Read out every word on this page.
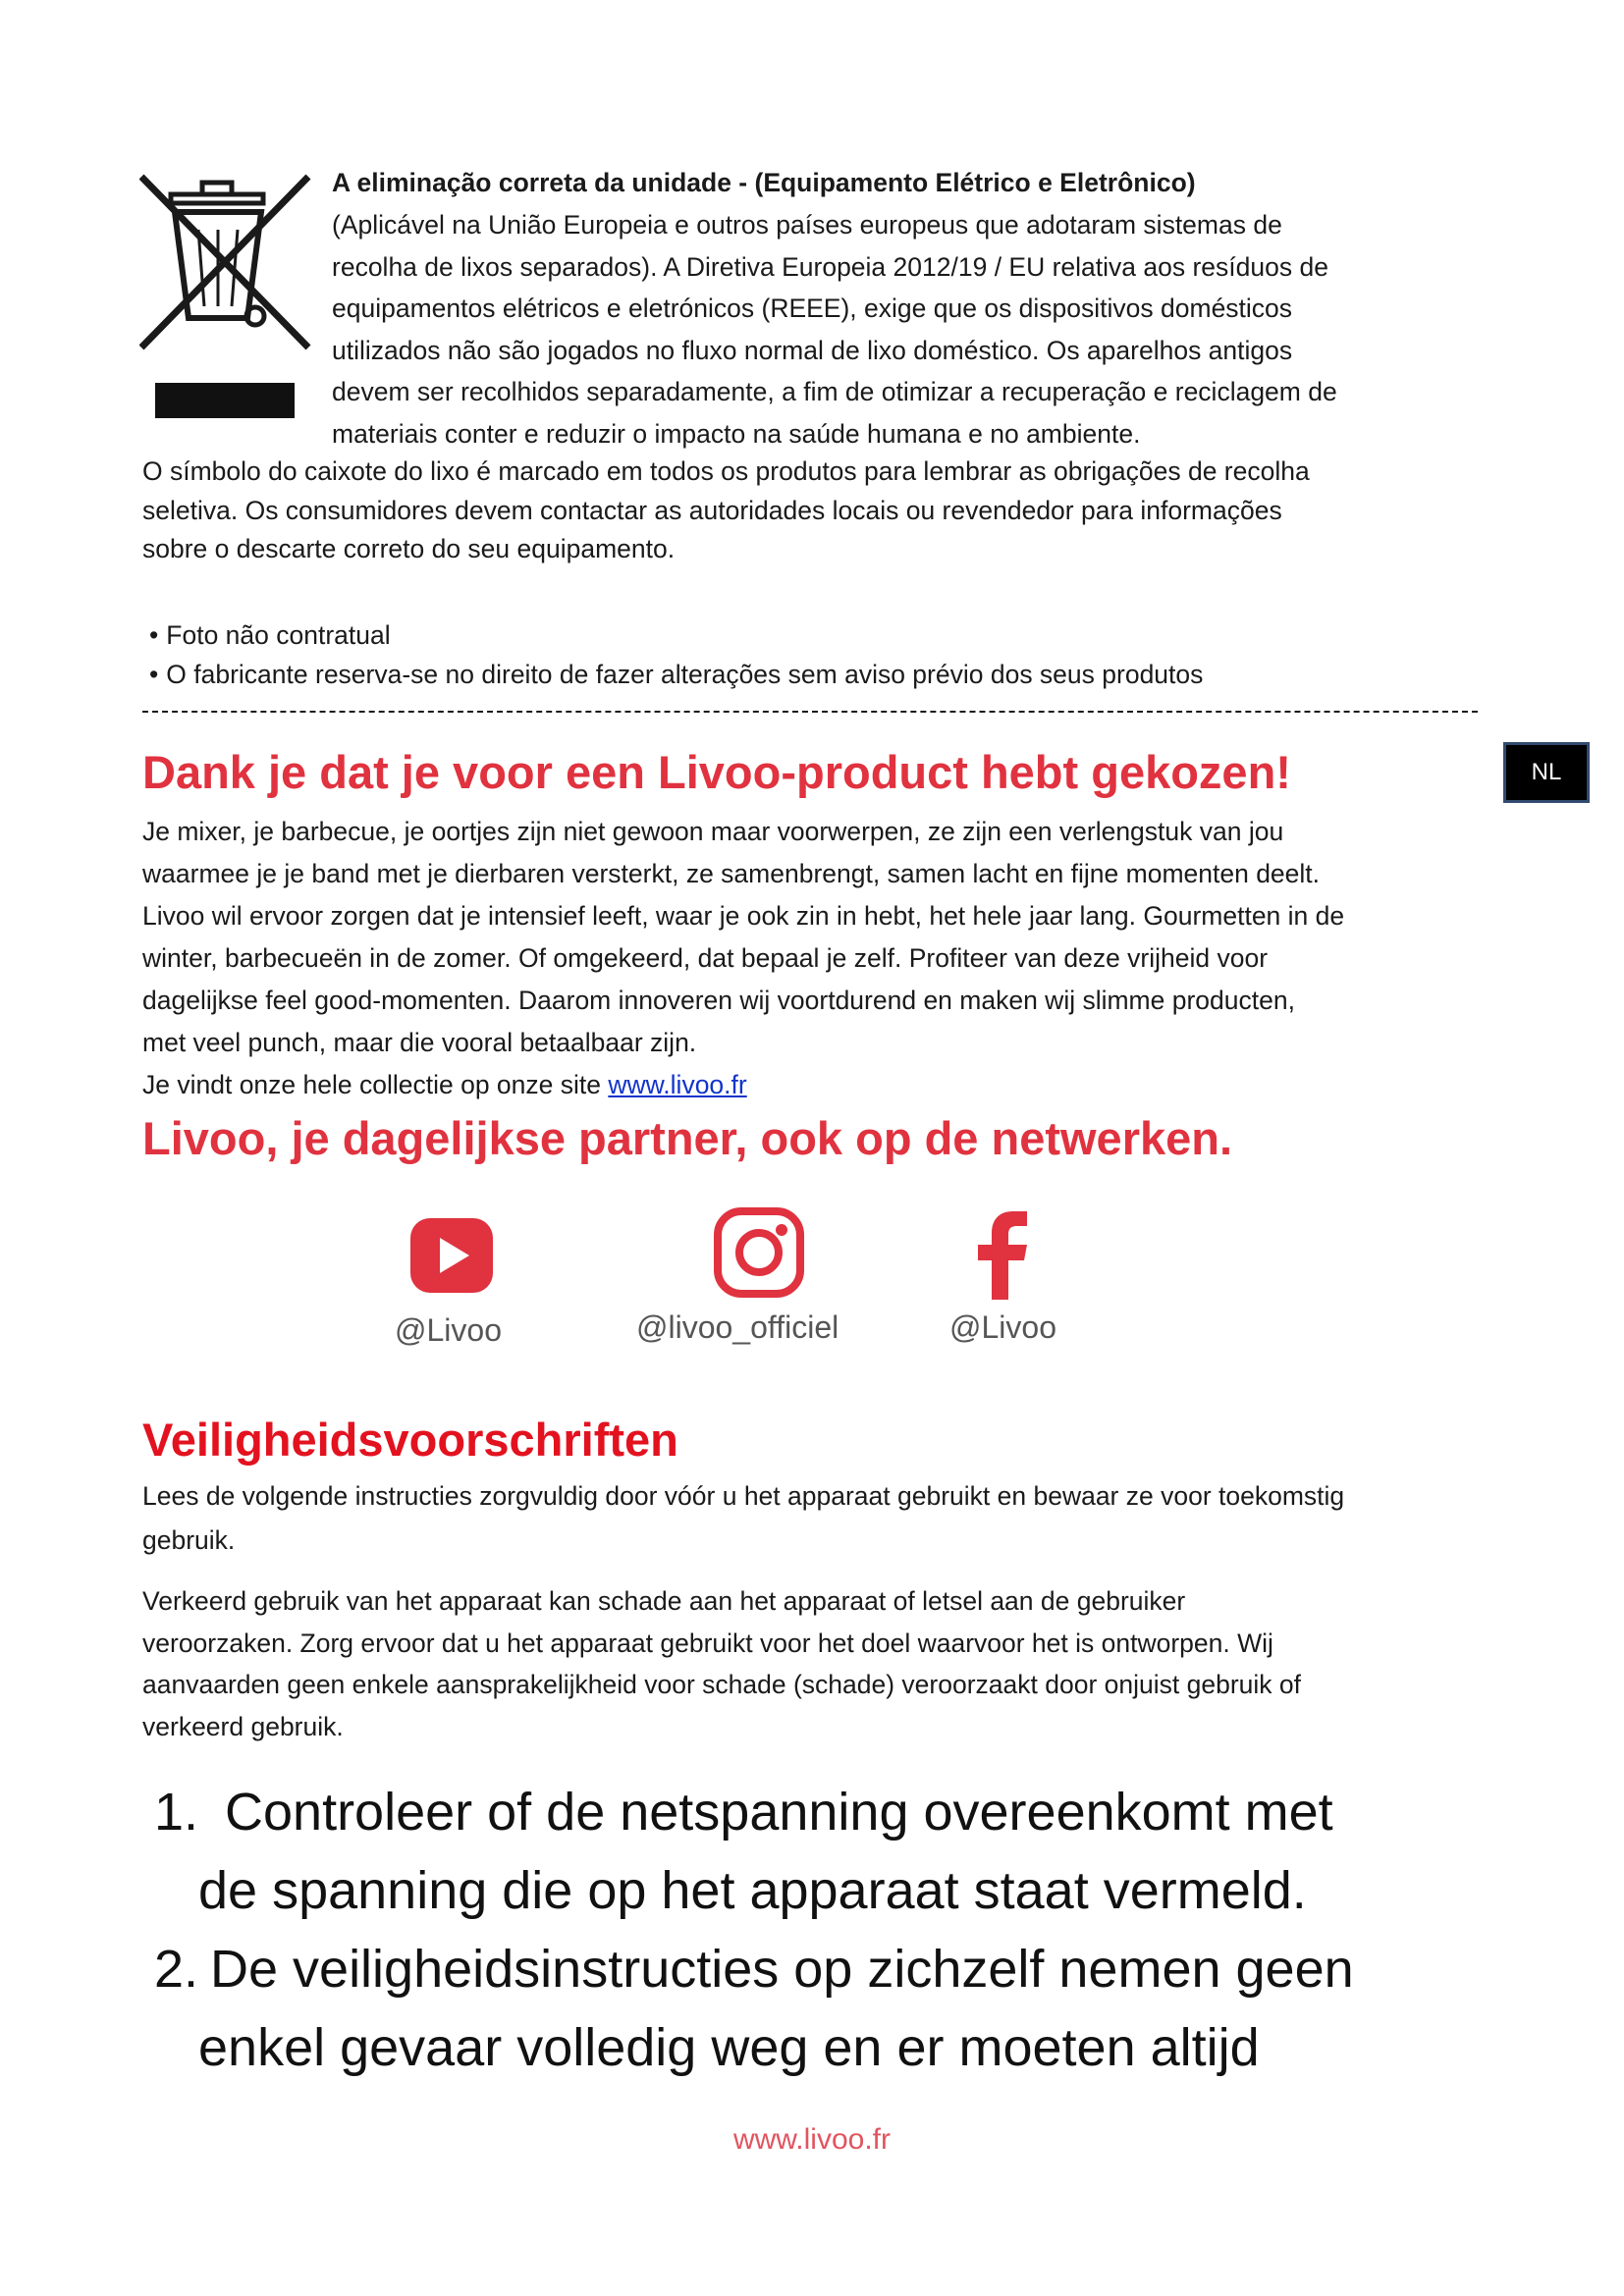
A eliminação correta da unidade - (Equipamento Elétrico e Eletrônico)

(Aplicável na União Europeia e outros países europeus que adotaram sistemas de

recolha de lixos separados). A Diretiva Europeia 2012/19 / EU relativa aos resíduos de

equipamentos elétricos e eletrónicos (REEE), exige que os dispositivos domésticos

utilizados não são jogados no fluxo normal de lixo doméstico. Os aparelhos antigos

devem ser recolhidos separadamente, a fim de otimizar a recuperação e reciclagem de

materiais conter e reduzir o impacto na saúde humana e no ambiente.

O símbolo do caixote do lixo é marcado em todos os produtos para lembrar as obrigações de recolha

seletiva. Os consumidores devem contactar as autoridades locais ou revendedor para informações

sobre o descarte correto do seu equipamento.

• Foto não contratual
• O fabricante reserva-se no direito de fazer alterações sem aviso prévio dos seus produtos
NL
Dank je dat je voor een Livoo-product hebt gekozen!

Je mixer, je barbecue, je oortjes zijn niet gewoon maar voorwerpen, ze zijn een verlengstuk van jou

waarmee je je band met je dierbaren versterkt, ze samenbrengt, samen lacht en fijne momenten deelt.

Livoo wil ervoor zorgen dat je intensief leeft, waar je ook zin in hebt, het hele jaar lang. Gourmetten in de

winter, barbecueën in de zomer. Of omgekeerd, dat bepaal je zelf. Profiteer van deze vrijheid voor

dagelijkse feel good-momenten. Daarom innoveren wij voortdurend en maken wij slimme producten,

met veel punch, maar die vooral betaalbaar zijn.

Je vindt onze hele collectie op onze site www.livoo.fr

Livoo, je dagelijkse partner, ook op de netwerken.
@Livoo	@livoo_officiel	@Livoo
Veiligheidsvoorschriften

Lees de volgende instructies zorgvuldig door vóór u het apparaat gebruikt en bewaar ze voor toekomstig

gebruik.

Verkeerd gebruik van het apparaat kan schade aan het apparaat of letsel aan de gebruiker

veroorzaken. Zorg ervoor dat u het apparaat gebruikt voor het doel waarvoor het is ontworpen. Wij

aanvaarden geen enkele aansprakelijkheid voor schade (schade) veroorzaakt door onjuist gebruik of

verkeerd gebruik.

1. Controleer of de netspanning overeenkomt met
de spanning die op het apparaat staat vermeld.
2. De veiligheidsinstructies op zichzelf nemen geen
enkel gevaar volledig weg en er moeten altijd
www.livoo.fr
